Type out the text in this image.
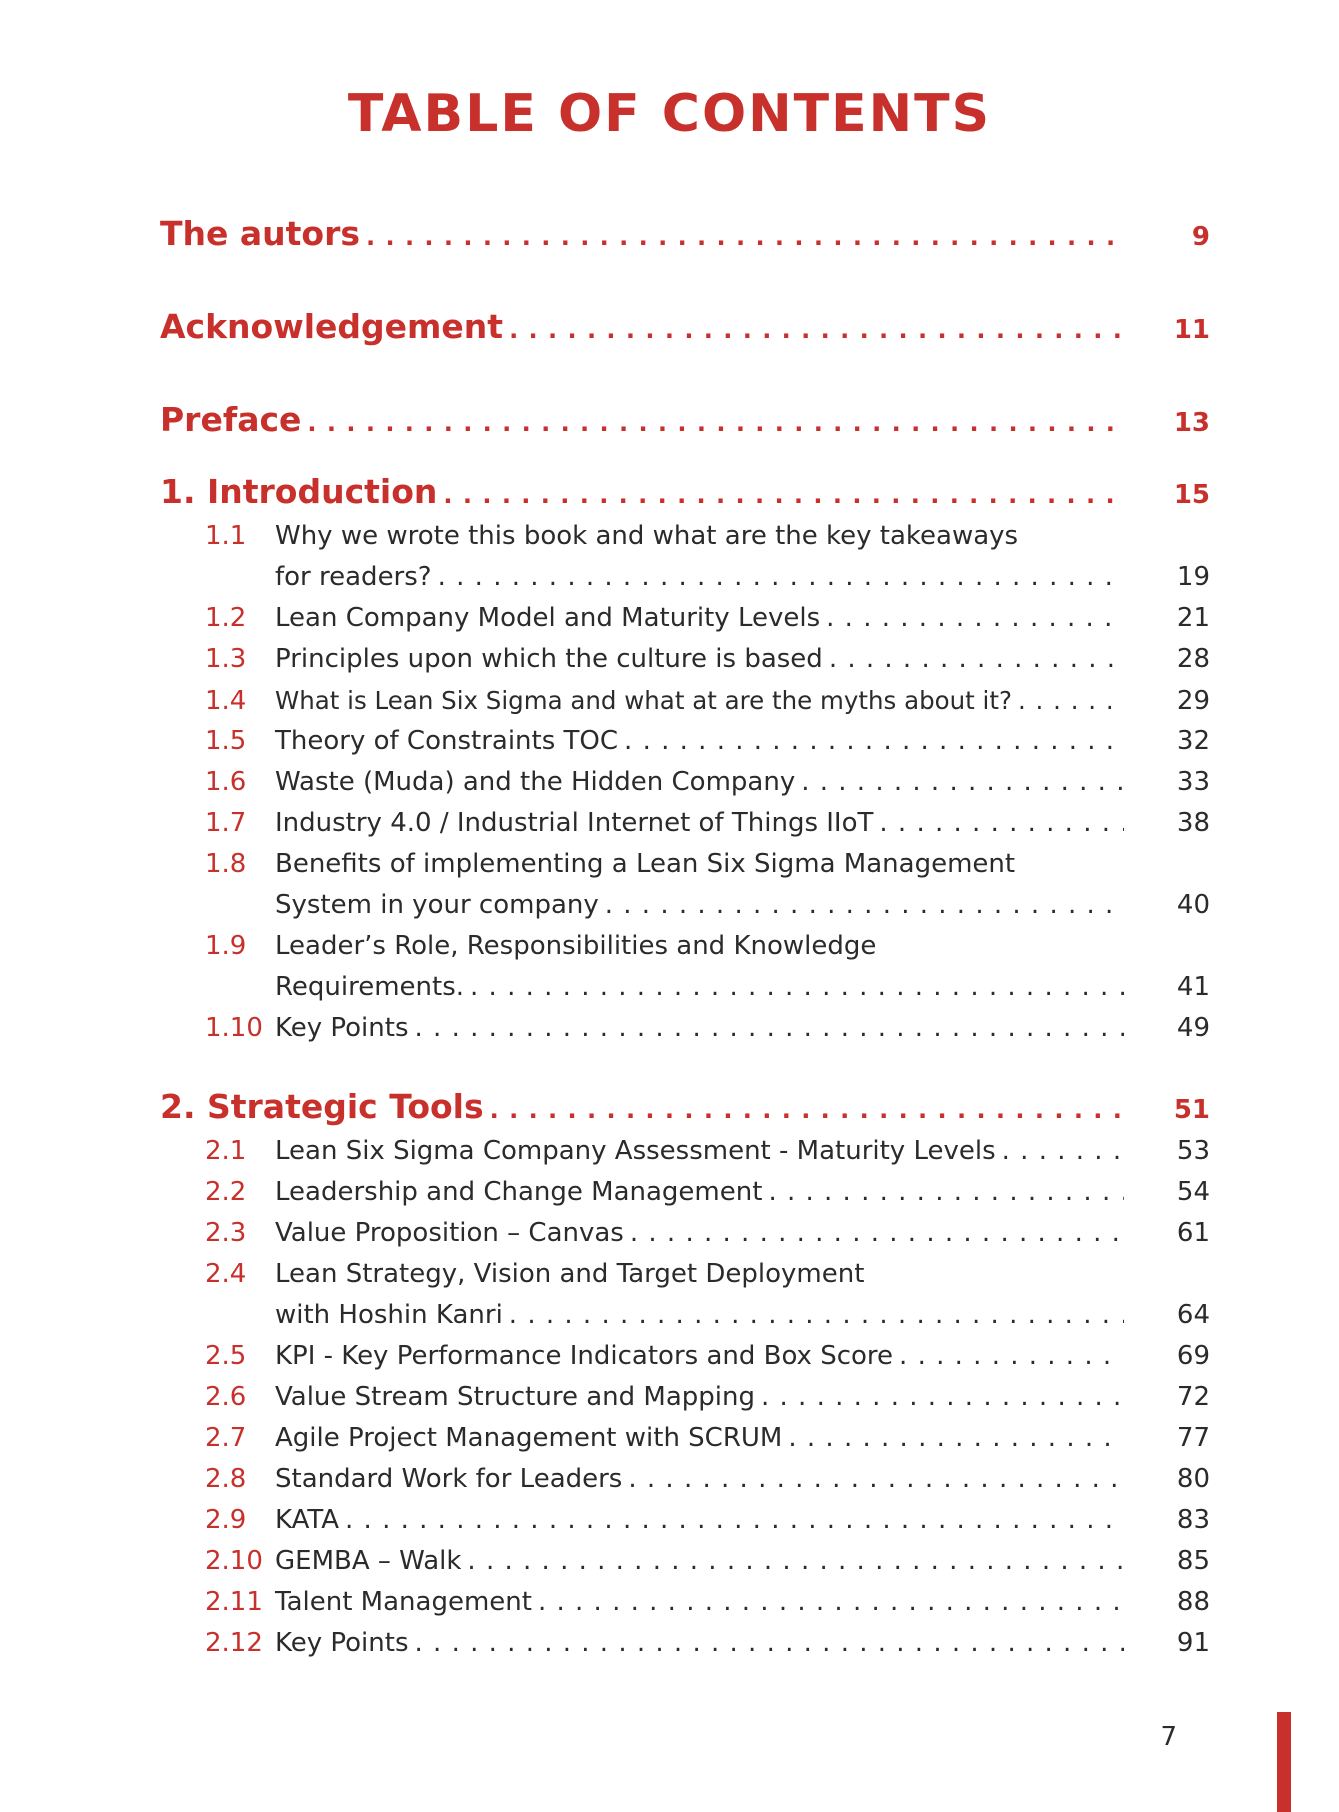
TABLE OF CONTENTS
The autors . . .	9
Acknowledgement . . .	11
Preface . . .	13
1. Introduction . . .	15
1.1	Why we wrote this book and what are the key takeaways
for readers? . . .	19
1.2	Lean Company Model and Maturity Levels . . .	21
1.3	Principles upon which the culture is based . . .	28
1.4	What is Lean Six Sigma and what at are the myths about it? . . .	29
1.5	Theory of Constraints TOC . . .	32
1.6	Waste (Muda) and the Hidden Company . . .	33
1.7	Industry 4.0 / Industrial Internet of Things IIoT . . .	38
1.8	Benefits of implementing a Lean Six Sigma Management
System in your company . . .	40
1.9	Leader’s Role, Responsibilities and Knowledge
Requirements. . . .	41
1.10 Key Points . . .	49
2. Strategic Tools . . .	51
2.1	Lean Six Sigma Company Assessment - Maturity Levels . . .	53
2.2	Leadership and Change Management . . .	54
2.3	Value Proposition – Canvas . . .	61
2.4	Lean Strategy, Vision and Target Deployment
with Hoshin Kanri . . .	64
2.5	KPI - Key Performance Indicators and Box Score . . .	69
2.6	Value Stream Structure and Mapping . . .	72
2.7	Agile Project Management with SCRUM . . .	77
2.8	Standard Work for Leaders . . .	80
2.9	KATA . . .	83
2.10 GEMBA – Walk . . .	85
2.11 Talent Management . . .	88
2.12 Key Points . . .	91
7
